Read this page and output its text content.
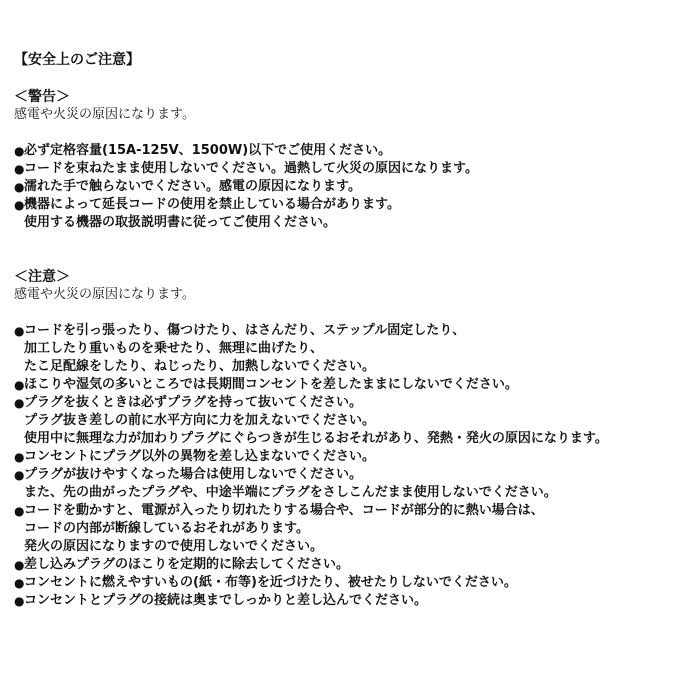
【安全上のご注意】
＜警告＞
感電や火災の原因になります。
● 必ず定格容量(15A-125V、1500W)以下でご使用ください。
● コードを束ねたまま使用しないでください。過熱して火災の原因になります。
● 濡れた手で触らないでください。感電の原因になります。
● 機器によって延長コードの使用を禁止している場合があります。
使用する機器の取扱説明書に従ってご使用ください。
＜注意＞
感電や火災の原因になります。
● コードを引っ張ったり、傷つけたり、はさんだり、ステップル固定したり、
加工したり重いものを乗せたり、無理に曲げたり、
たこ足配線をしたり、ねじったり、加熱しないでください。
● ほこりや湿気の多いところでは長期間コンセントを差したままにしないでください。
● プラグを抜くときは必ずプラグを持って抜いてください。
プラグ抜き差しの前に水平方向に力を加えないでください。
使用中に無理な力が加わりプラグにぐらつきが生じるおそれがあり、発熱・発火の原因になります。
● コンセントにプラグ以外の異物を差し込まないでください。
● プラグが抜けやすくなった場合は使用しないでください。
また、先の曲がったプラグや、中途半端にプラグをさしこんだまま使用しないでください。
● コードを動かすと、電源が入ったり切れたりする場合や、コードが部分的に熱い場合は、
コードの内部が断線しているおそれがあります。
発火の原因になりますので使用しないでください。
● 差し込みプラグのほこりを定期的に除去してください。
● コンセントに燃えやすいもの(紙・布等)を近づけたり、被せたりしないでください。
● コンセントとプラグの接続は奥までしっかりと差し込んでください。
